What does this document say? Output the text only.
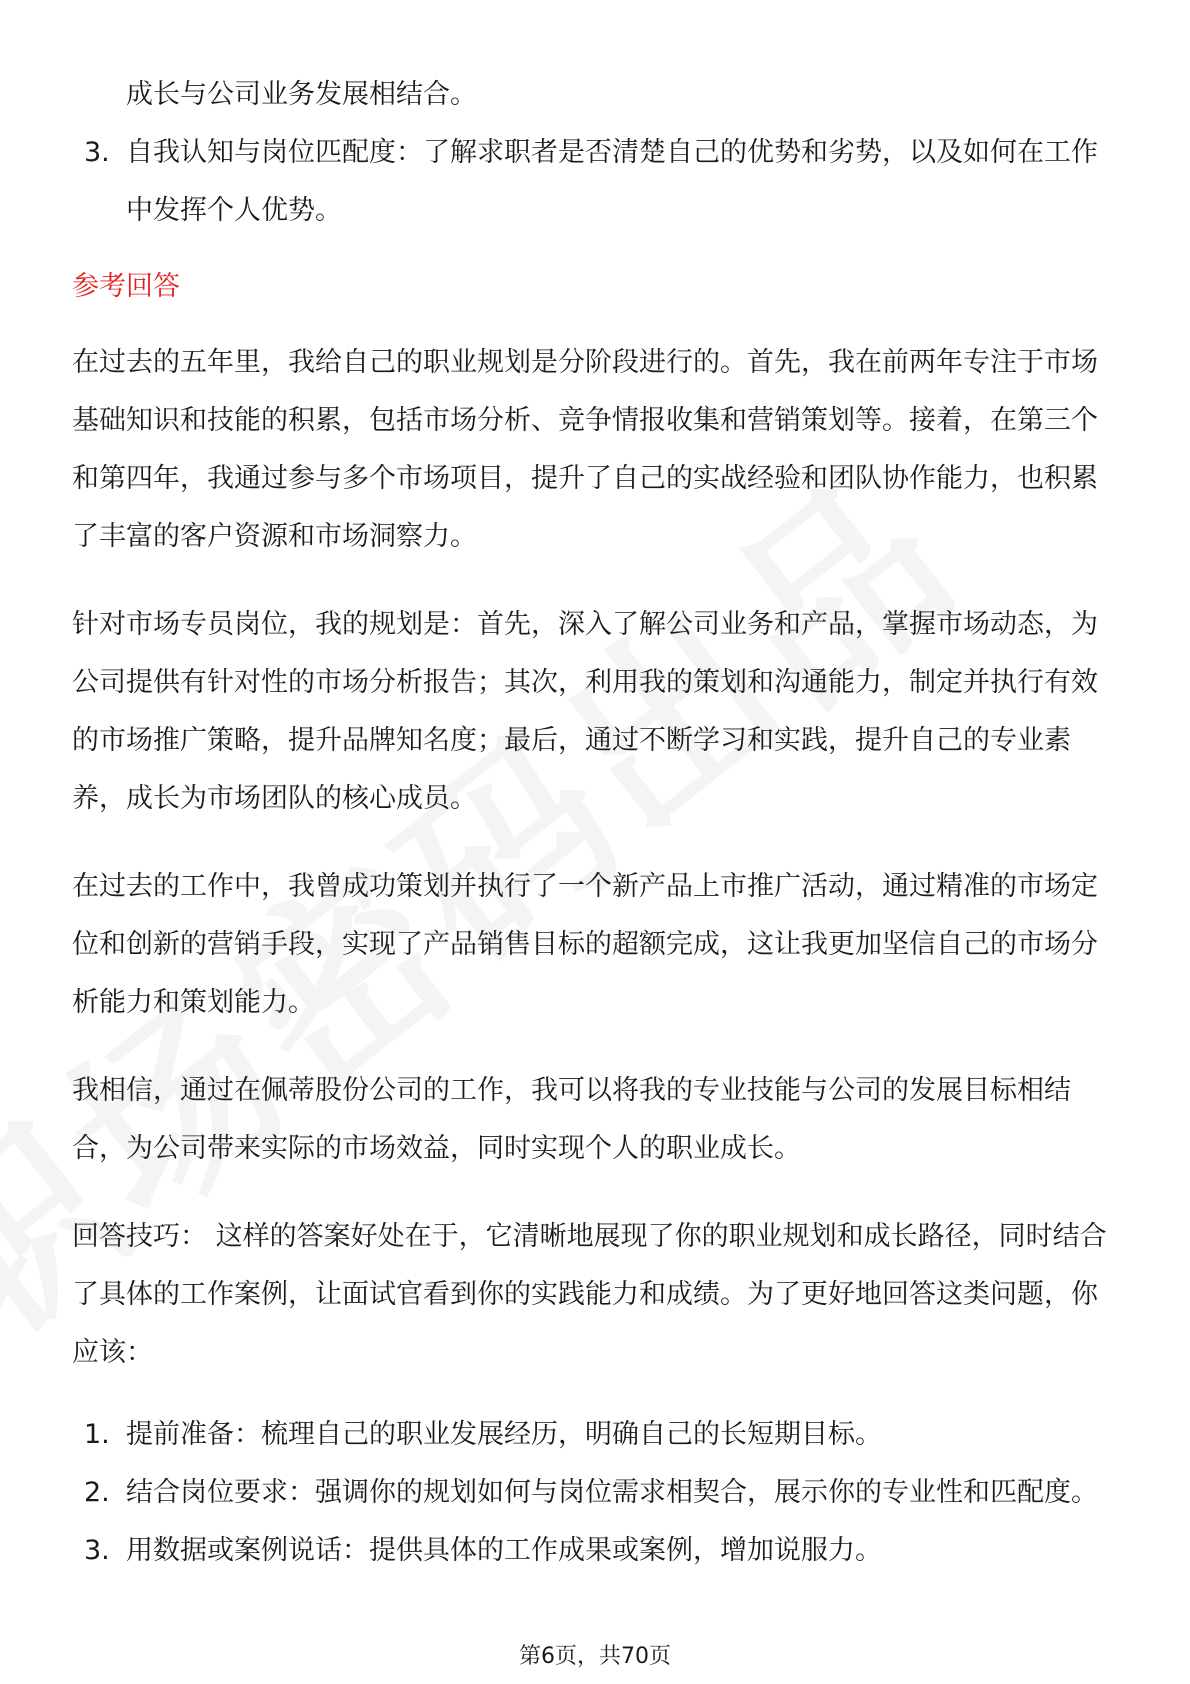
成长与公司业务发展相结合。

3. 自我认知与岗位匹配度：了解求职者是否清楚自己的优势和劣势，以及如何在工作中发挥个人优势。

参考回答

在过去的五年里，我给自己的职业规划是分阶段进行的。首先，我在前两年专注于市场基础知识和技能的积累，包括市场分析、竞争情报收集和营销策划等。接着，在第三个和第四年，我通过参与多个市场项目，提升了自己的实战经验和团队协作能力，也积累了丰富的客户资源和市场洞察力。

针对市场专员岗位，我的规划是：首先，深入了解公司业务和产品，掌握市场动态，为公司提供有针对性的市场分析报告；其次，利用我的策划和沟通能力，制定并执行有效的市场推广策略，提升品牌知名度；最后，通过不断学习和实践，提升自己的专业素养，成长为市场团队的核心成员。

在过去的工作中，我曾成功策划并执行了一个新产品上市推广活动，通过精准的市场定位和创新的营销手段，实现了产品销售目标的超额完成，这让我更加坚信自己的市场分析能力和策划能力。

我相信，通过在佩蒂股份公司的工作，我可以将我的专业技能与公司的发展目标相结合，为公司带来实际的市场效益，同时实现个人的职业成长。

回答技巧： 这样的答案好处在于，它清晰地展现了你的职业规划和成长路径，同时结合了具体的工作案例，让面试官看到你的实践能力和成绩。为了更好地回答这类问题，你应该：

1. 提前准备：梳理自己的职业发展经历，明确自己的长短期目标。
2. 结合岗位要求：强调你的规划如何与岗位需求相契合，展示你的专业性和匹配度。
3. 用数据或案例说话：提供具体的工作成果或案例，增加说服力。
第6页，共70页
